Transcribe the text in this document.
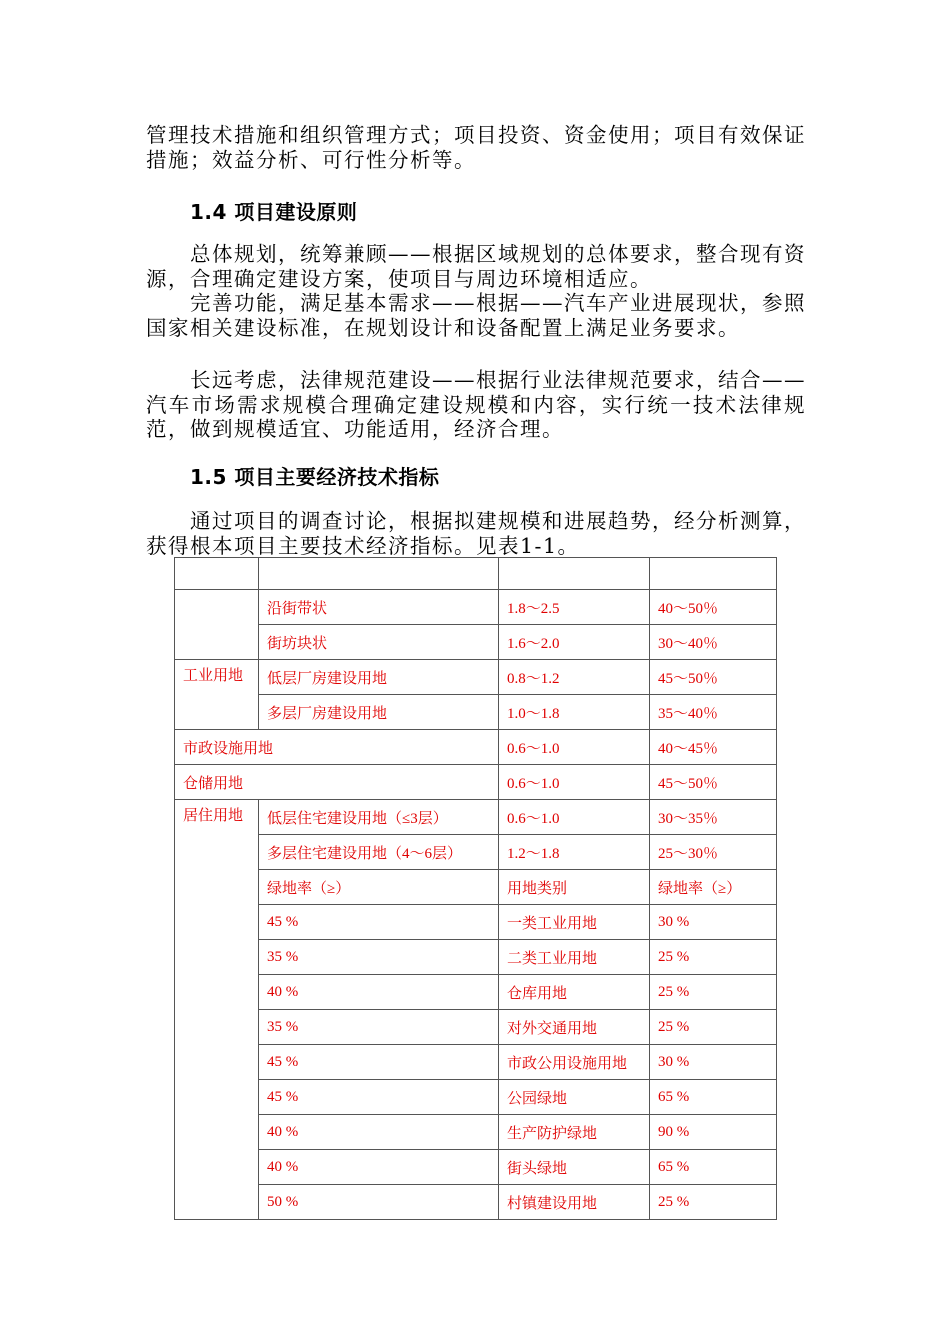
管理技术措施和组织管理方式；项目投资、资金使用；项目有效保证措施；效益分析、可行性分析等。

1.4 项目建设原则

总体规划，统筹兼顾——根据区域规划的总体要求，整合现有资源，合理确定建设方案，使项目与周边环境相适应。

完善功能，满足基本需求——根据——汽车产业进展现状，参照国家相关建设标准，在规划设计和设备配置上满足业务要求。

长远考虑，法律规范建设——根据行业法律规范要求，结合——汽车市场需求规模合理确定建设规模和内容，实行统一技术法律规范，做到规模适宜、功能适用，经济合理。

1.5 项目主要经济技术指标

通过项目的调查讨论，根据拟建规模和进展趋势，经分析测算，获得根本项目主要技术经济指标。见表1-1。

	沿街带状	1.8～2.5	40～50％
	街坊块状	1.6～2.0	30～40％
工业用地	低层厂房建设用地	0.8～1.2	45～50％
	多层厂房建设用地	1.0～1.8	35～40％
市政设施用地		0.6～1.0	40～45％
仓储用地		0.6～1.0	45～50％
居住用地	低层住宅建设用地（≤3层）	0.6～1.0	30～35％
	多层住宅建设用地（4～6层）	1.2～1.8	25～30％
	绿地率（≥）	用地类别	绿地率（≥）
	45 %	一类工业用地	30 %
	35 %	二类工业用地	25 %
	40 %	仓库用地	25 %
	35 %	对外交通用地	25 %
	45 %	市政公用设施用地	30 %
	45 %	公园绿地	65 %
	40 %	生产防护绿地	90 %
	40 %	街头绿地	65 %
	50 %	村镇建设用地	25 %
